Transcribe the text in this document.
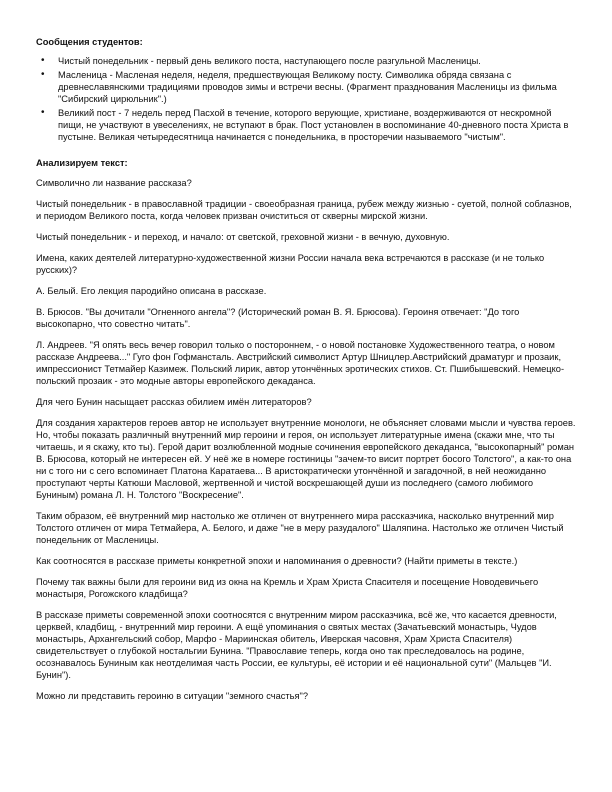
Сообщения студентов:
• Чистый понедельник - первый день великого поста, наступающего после разгульной Масленицы.
• Масленица - Масленая неделя, неделя, предшествующая Великому посту. Символика обряда связана с древнеславянскими традициями проводов зимы и встречи весны. (Фрагмент празднования Масленицы из фильма "Сибирский цирюльник".)
• Великий пост - 7 недель перед Пасхой в течение, которого верующие, христиане, воздерживаются от нескромной пищи, не участвуют в увеселениях, не вступают в брак. Пост установлен в воспоминание 40-дневного поста Христа в пустыне. Великая четыредесятница начинается с понедельника, в просторечии называемого "чистым".
Анализируем текст:

Символично ли название рассказа?

Чистый понедельник - в православной традиции - своеобразная граница, рубеж между жизнью - суетой, полной соблазнов, и периодом Великого поста, когда человек призван очиститься от скверны мирской жизни.

Чистый понедельник - и переход, и начало: от светской, греховной жизни - в вечную, духовную.

Имена, каких деятелей литературно-художественной жизни России начала века встречаются в рассказе (и не только русских)?

А. Белый. Его лекция пародийно описана в рассказе.

В. Брюсов. "Вы дочитали "Огненного ангела"? (Исторический роман В. Я. Брюсова). Героиня отвечает: "До того высокопарно, что совестно читать".

Л. Андреев. "Я опять весь вечер говорил только о постороннем, - о новой постановке Художественного театра, о новом рассказе Андреева..." Гуго фон Гофмансталь. Австрийский символист Артур Шницлер.Австрийский драматург и прозаик, импрессионист Тетмайер Казимеж. Польский лирик, автор утончённых эротических стихов. Ст. Пшибышевский. Немецко-польский прозаик - это модные авторы европейского декаданса.

Для чего Бунин насыщает рассказ обилием имён литераторов?

Для создания характеров героев автор не использует внутренние монологи, не объясняет словами мысли и чувства героев. Но, чтобы показать различный внутренний мир героини и героя, он использует литературные имена (скажи мне, что ты читаешь, и я скажу, кто ты). Герой дарит возлюбленной модные сочинения европейского декаданса, "высокопарный" роман В. Брюсова, который не интересен ей. У неё же в номере гостиницы "зачем-то висит портрет босого Толстого", а как-то она ни с того ни с сего вспоминает Платона Каратаева... В аристократически утончённой и загадочной, в ней неожиданно проступают черты Катюши Масловой, жертвенной и чистой воскрешающей души из последнего (самого любимого Буниным) романа Л. Н. Толстого "Воскресение".

Таким образом, её внутренний мир настолько же отличен от внутреннего мира рассказчика, насколько внутренний мир Толстого отличен от мира Тетмайера, А. Белого, и даже "не в меру разудалого" Шаляпина. Настолько же отличен Чистый понедельник от Масленицы.

Как соотносятся в рассказе приметы конкретной эпохи и напоминания о древности? (Найти приметы в тексте.)

Почему так важны были для героини вид из окна на Кремль и Храм Христа Спасителя и посещение Новодевичьего монастыря, Рогожского кладбища?

В рассказе приметы современной эпохи соотносятся с внутренним миром рассказчика, всё же, что касается древности, церквей, кладбищ, - внутренний мир героини. А ещё упоминания о святых местах (Зачатьевский монастырь, Чудов монастырь, Архангельский собор, Марфо - Мариинская обитель, Иверская часовня, Храм Христа Спасителя) свидетельствует о глубокой ностальгии Бунина. "Православие теперь, когда оно так преследовалось на родине, осознавалось Буниным как неотделимая часть России, ее культуры, её истории и её национальной сути" (Мальцев "И. Бунин").

Можно ли представить героиню в ситуации "земного счастья"?
